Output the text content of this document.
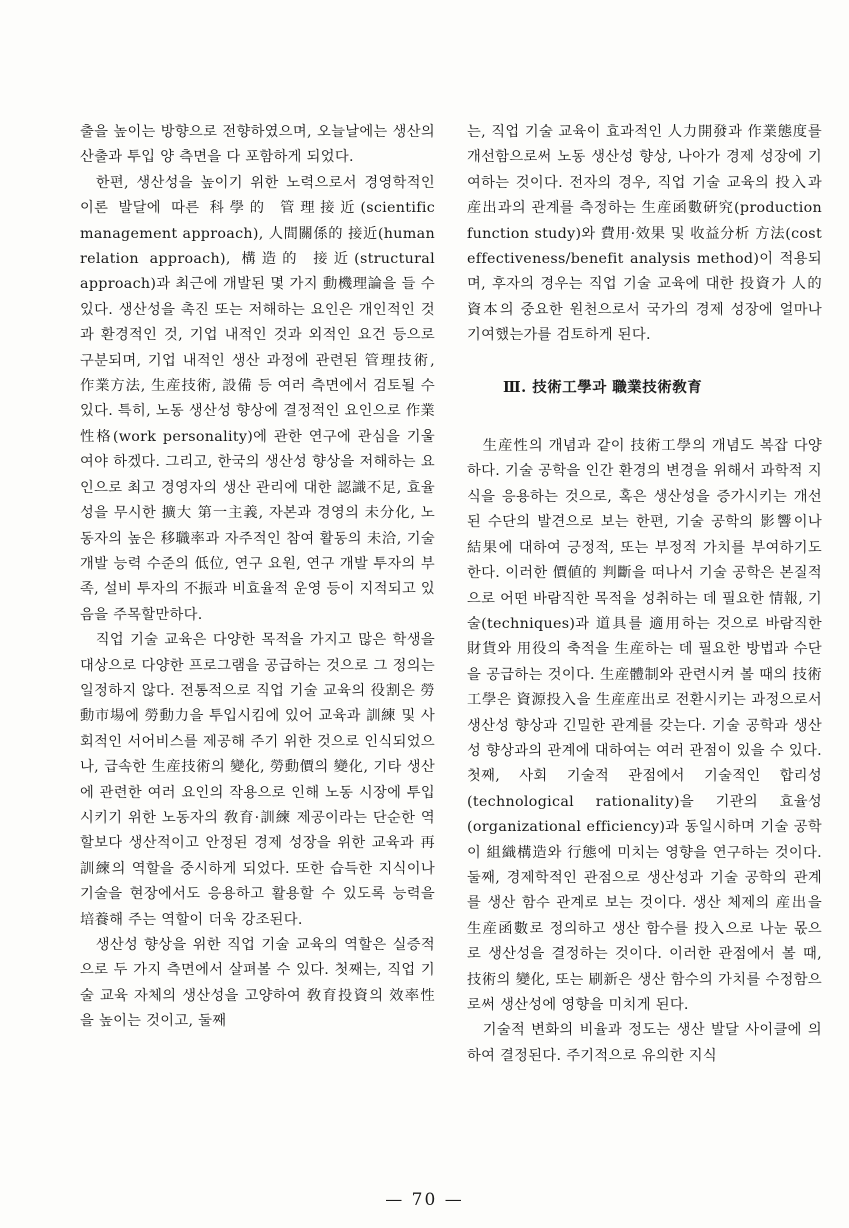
출을 높이는 방향으로 전향하였으며, 오늘날에는 생산의 산출과 투입 양 측면을 다 포함하게 되었다.

한편, 생산성을 높이기 위한 노력으로서 경영학적인 이론 발달에 따른 科學的 管理接近(scientific management approach), 人間關係的 接近(human relation approach), 構造的 接近(structural approach)과 최근에 개발된 몇 가지 動機理論을 들 수 있다. 생산성을 촉진 또는 저해하는 요인은 개인적인 것과 환경적인 것, 기업 내적인 것과 외적인 요건 등으로 구분되며, 기업 내적인 생산 과정에 관련된 管理技術, 作業方法, 生産技術, 設備 등 여러 측면에서 검토될 수 있다. 특히, 노동 생산성 향상에 결정적인 요인으로 作業性格(work personality)에 관한 연구에 관심을 기울여야 하겠다. 그리고, 한국의 생산성 향상을 저해하는 요인으로 최고 경영자의 생산 관리에 대한 認識不足, 효율성을 무시한 擴大 第一主義, 자본과 경영의 未分化, 노동자의 높은 移職率과 자주적인 참여 활동의 未洽, 기술 개발 능력 수준의 低位, 연구 요원, 연구 개발 투자의 부족, 설비 투자의 不振과 비효율적 운영 등이 지적되고 있음을 주목할만하다.

직업 기술 교육은 다양한 목적을 가지고 많은 학생을 대상으로 다양한 프로그램을 공급하는 것으로 그 정의는 일정하지 않다. 전통적으로 직업 기술 교육의 役割은 勞動市場에 勞動力을 투입시킴에 있어 교육과 訓練 및 사회적인 서어비스를 제공해 주기 위한 것으로 인식되었으나, 급속한 生産技術의 變化, 勞動價의 變化, 기타 생산에 관련한 여러 요인의 작용으로 인해 노동 시장에 투입시키기 위한 노동자의 敎育·訓練 제공이라는 단순한 역할보다 생산적이고 안정된 경제 성장을 위한 교육과 再訓練의 역할을 중시하게 되었다. 또한 습득한 지식이나 기술을 현장에서도 응용하고 활용할 수 있도록 능력을 培養해 주는 역할이 더욱 강조된다.

생산성 향상을 위한 직업 기술 교육의 역할은 실증적으로 두 가지 측면에서 살펴볼 수 있다. 첫째는, 직업 기술 교육 자체의 생산성을 고양하여 敎育投資의 效率性을 높이는 것이고, 둘째

는, 직업 기술 교육이 효과적인 人力開發과 作業態度를 개선함으로써 노동 생산성 향상, 나아가 경제 성장에 기여하는 것이다. 전자의 경우, 직업 기술 교육의 投入과 産出과의 관계를 측정하는 生産函數硏究(production function study)와 費用·效果 및 收益分析 方法(cost effectiveness/benefit analysis method)이 적용되며, 후자의 경우는 직업 기술 교육에 대한 投資가 人的 資本의 중요한 원천으로서 국가의 경제 성장에 얼마나 기여했는가를 검토하게 된다.

Ⅲ. 技術工學과 職業技術敎育

生産性의 개념과 같이 技術工學의 개념도 복잡 다양하다. 기술 공학을 인간 환경의 변경을 위해서 과학적 지식을 응용하는 것으로, 혹은 생산성을 증가시키는 개선된 수단의 발견으로 보는 한편, 기술 공학의 影響이나 結果에 대하여 긍정적, 또는 부정적 가치를 부여하기도 한다. 이러한 價値的 判斷을 떠나서 기술 공학은 본질적으로 어떤 바람직한 목적을 성취하는 데 필요한 情報, 기술(techniques)과 道具를 適用하는 것으로 바람직한 財貨와 用役의 축적을 生産하는 데 필요한 방법과 수단을 공급하는 것이다. 生産體制와 관련시켜 볼 때의 技術工學은 資源投入을 生産産出로 전환시키는 과정으로서 생산성 향상과 긴밀한 관계를 갖는다. 기술 공학과 생산성 향상과의 관계에 대하여는 여러 관점이 있을 수 있다. 첫째, 사회 기술적 관점에서 기술적인 합리성(technological rationality)을 기관의 효율성(organizational efficiency)과 동일시하며 기술 공학이 組織構造와 行態에 미치는 영향을 연구하는 것이다. 둘째, 경제학적인 관점으로 생산성과 기술 공학의 관계를 생산 함수 관계로 보는 것이다. 생산 체제의 産出을 生産函數로 정의하고 생산 함수를 投入으로 나눈 몫으로 생산성을 결정하는 것이다. 이러한 관점에서 볼 때, 技術의 變化, 또는 刷新은 생산 함수의 가치를 수정함으로써 생산성에 영향을 미치게 된다.

기술적 변화의 비율과 정도는 생산 발달 사이클에 의하여 결정된다. 주기적으로 유의한 지식

— 70 —
